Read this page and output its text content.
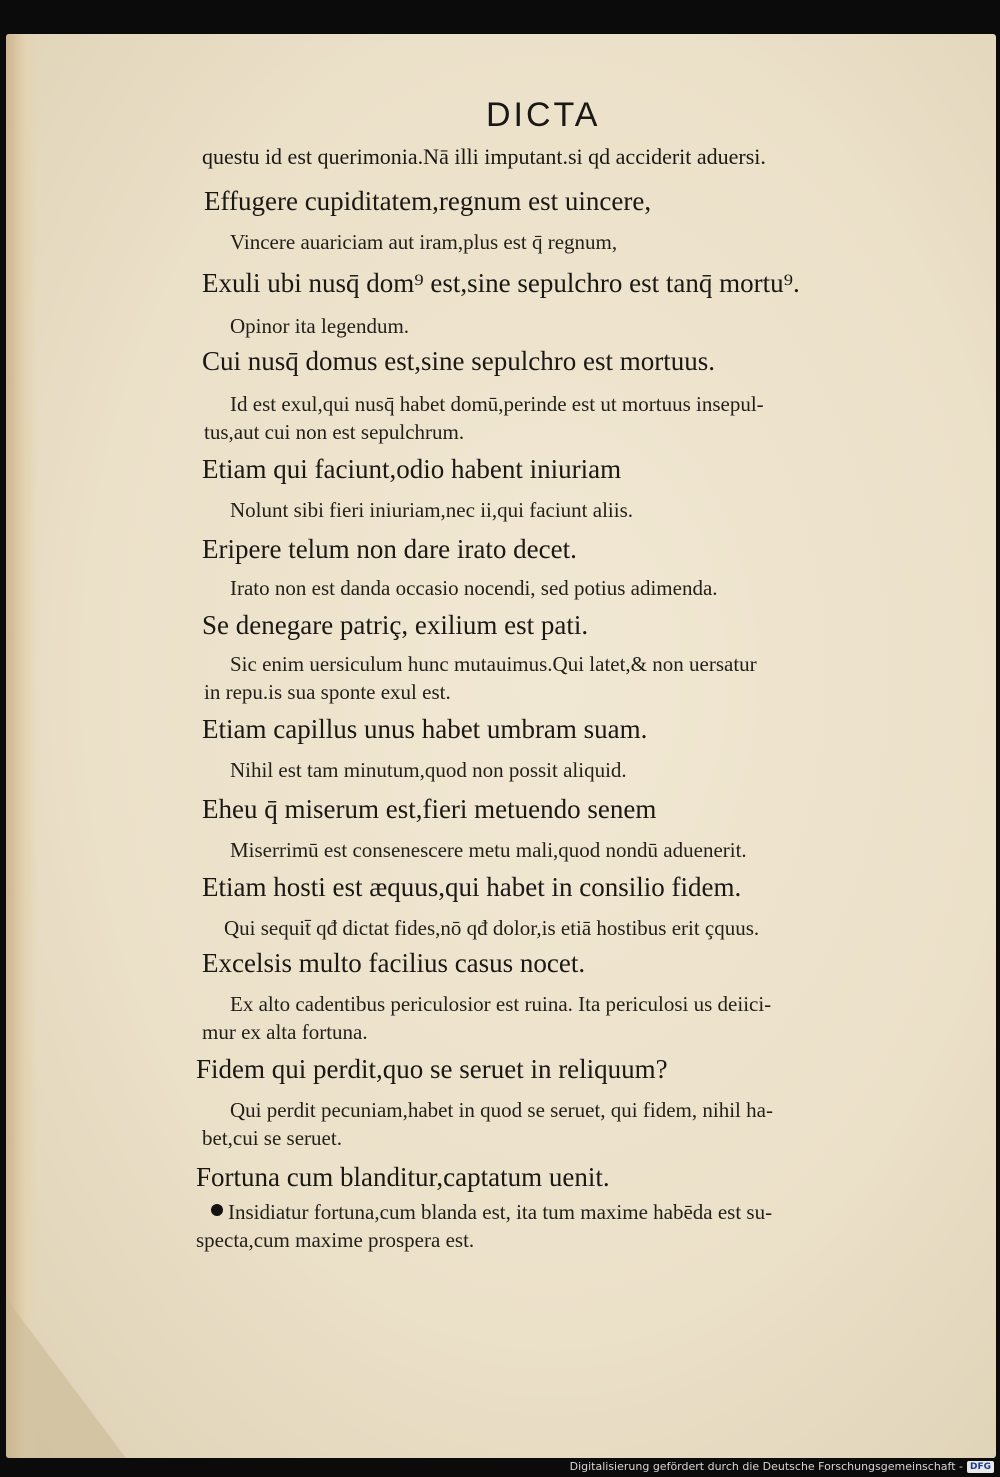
DICTA
questu id est querimonia.Nā illi imputant.si qd acciderit aduersi.
Effugere cupiditatem,regnum est uincere,
Vincere auariciam aut iram,plus est q̄ regnum,
Exuli ubi nusq̄ dom⁹ est,sine sepulchro est tanq̄ mortu⁹.
Opinor ita legendum.
Cui nusq̄ domus est,sine sepulchro est mortuus.
Id est exul,qui nusq̄ habet domū,perinde est ut mortuus insepul-
tus,aut cui non est sepulchrum.
Etiam qui faciunt,odio habent iniuriam
Nolunt sibi fieri iniuriam,nec ii,qui faciunt aliis.
Eripere telum non dare irato decet.
Irato non est danda occasio nocendi, sed potius adimenda.
Se denegare patriç, exilium est pati.
Sic enim uersiculum hunc mutauimus.Qui latet,& non uersatur
in repu.is sua sponte exul est.
Etiam capillus unus habet umbram suam.
Nihil est tam minutum,quod non possit aliquid.
Eheu q̄ miserum est,fieri metuendo senem
Miserrimū est consenescere metu mali,quod nondū aduenerit.
Etiam hosti est æquus,qui habet in consilio fidem.
Qui sequit̄ qđ dictat fides,nō qđ dolor,is etiā hostibus erit çquus.
Excelsis multo facilius casus nocet.
Ex alto cadentibus periculosior est ruina. Ita periculosi us deiici-
mur ex alta fortuna.
Fidem qui perdit,quo se seruet in reliquum?
Qui perdit pecuniam,habet in quod se seruet, qui fidem, nihil ha-
bet,cui se seruet.
Fortuna cum blanditur,captatum uenit.
Insidiatur fortuna,cum blanda est, ita tum maxime habēda est su-
specta,cum maxime prospera est.
Digitalisierung gefördert durch die Deutsche Forschungsgemeinschaft - DFG
